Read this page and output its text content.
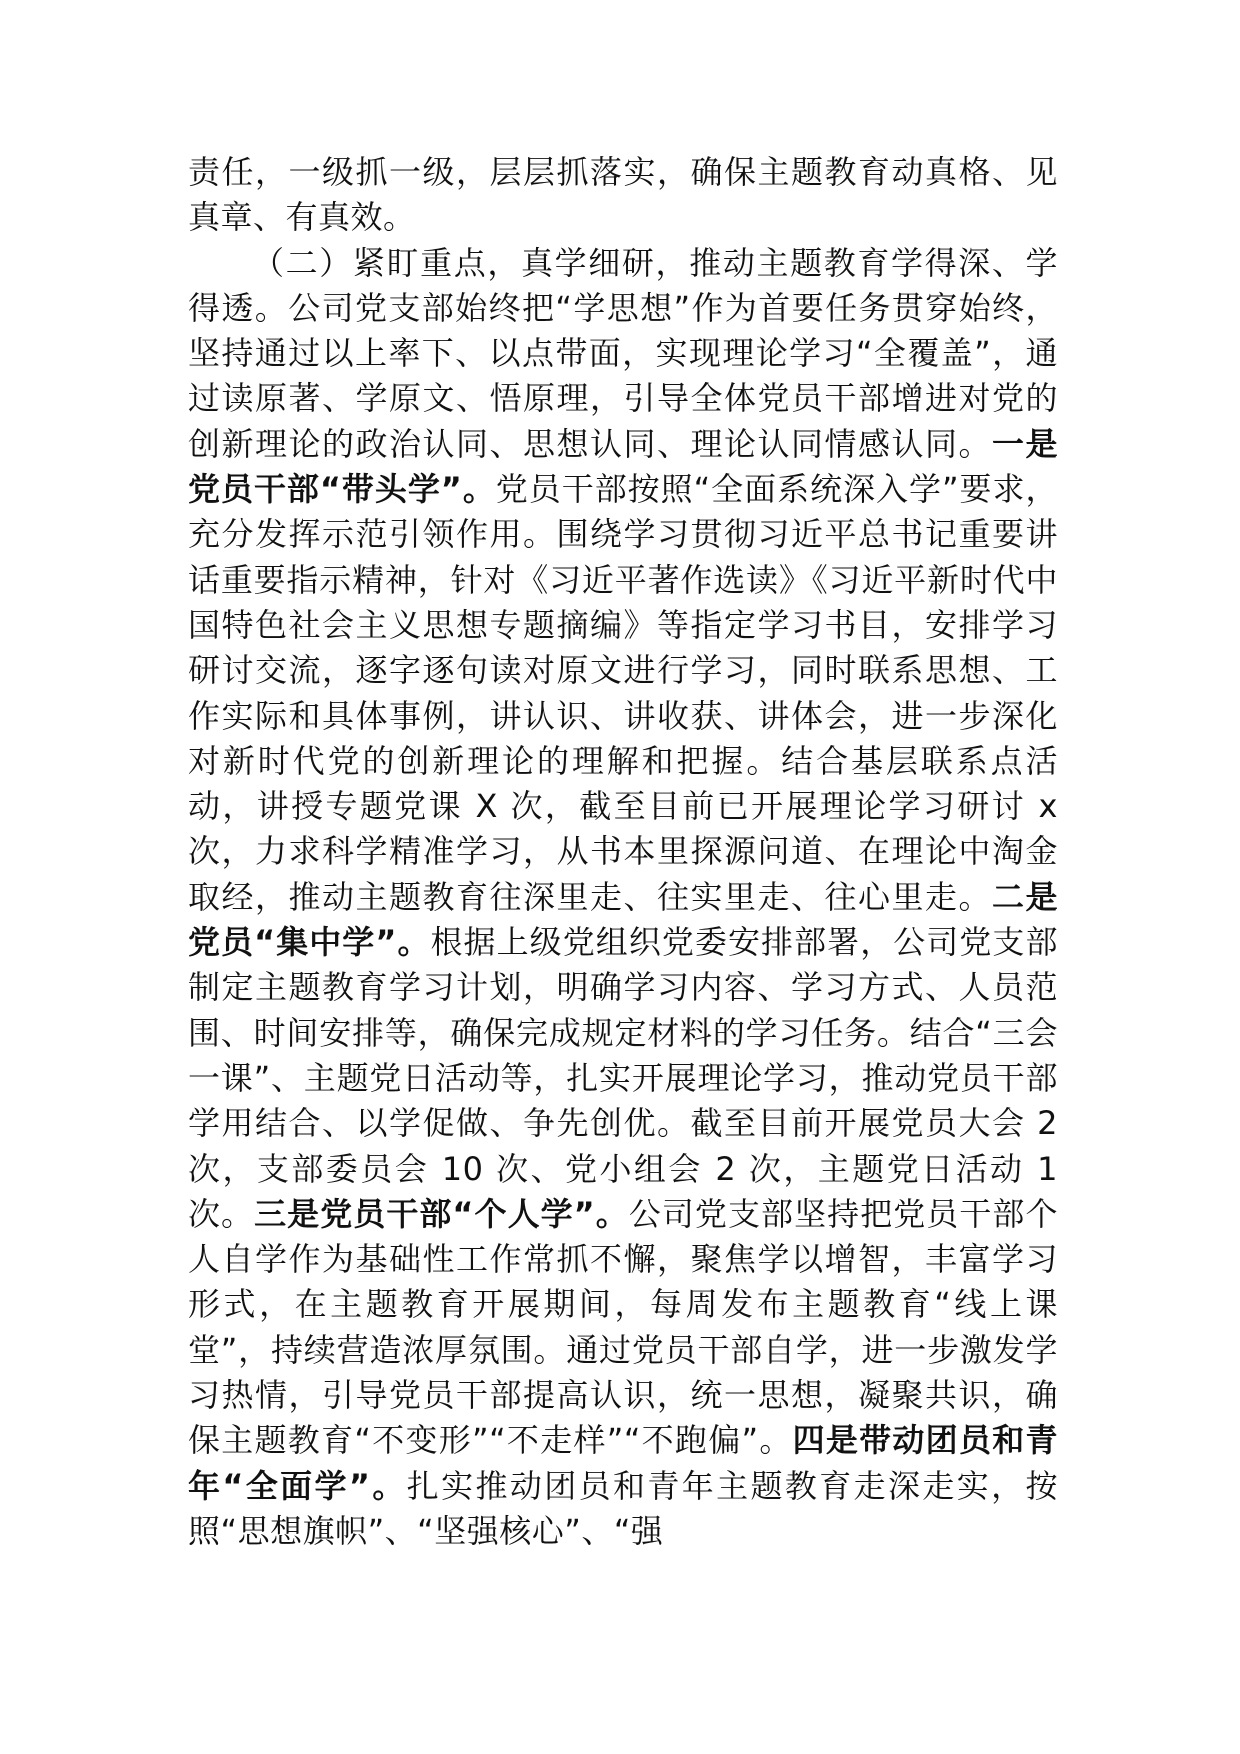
责任，一级抓一级，层层抓落实，确保主题教育动真格、见真章、有真效。

（二）紧盯重点，真学细研，推动主题教育学得深、学得透。公司党支部始终把“学思想”作为首要任务贯穿始终，坚持通过以上率下、以点带面，实现理论学习“全覆盖”，通过读原著、学原文、悟原理，引导全体党员干部增进对党的创新理论的政治认同、思想认同、理论认同情感认同。一是党员干部“带头学”。党员干部按照“全面系统深入学”要求，充分发挥示范引领作用。围绕学习贯彻习近平总书记重要讲话重要指示精神，针对《习近平著作选读》《习近平新时代中国特色社会主义思想专题摘编》等指定学习书目，安排学习研讨交流，逐字逐句读对原文进行学习，同时联系思想、工作实际和具体事例，讲认识、讲收获、讲体会，进一步深化对新时代党的创新理论的理解和把握。结合基层联系点活动，讲授专题党课 X 次，截至目前已开展理论学习研讨 x 次，力求科学精准学习，从书本里探源问道、在理论中淘金取经，推动主题教育往深里走、往实里走、往心里走。二是党员“集中学”。根据上级党组织党委安排部署，公司党支部制定主题教育学习计划，明确学习内容、学习方式、人员范围、时间安排等，确保完成规定材料的学习任务。结合“三会一课”、主题党日活动等，扎实开展理论学习，推动党员干部学用结合、以学促做、争先创优。截至目前开展党员大会 2 次，支部委员会 10 次、党小组会 2 次，主题党日活动 1 次。三是党员干部“个人学”。公司党支部坚持把党员干部个人自学作为基础性工作常抓不懈，聚焦学以增智，丰富学习形式，在主题教育开展期间，每周发布主题教育“线上课堂”，持续营造浓厚氛围。通过党员干部自学，进一步激发学习热情，引导党员干部提高认识，统一思想，凝聚共识，确保主题教育“不变形”“不走样”“不跑偏”。四是带动团员和青年“全面学”。扎实推动团员和青年主题教育走深走实，按照“思想旗帜”、“坚强核心”、“强
